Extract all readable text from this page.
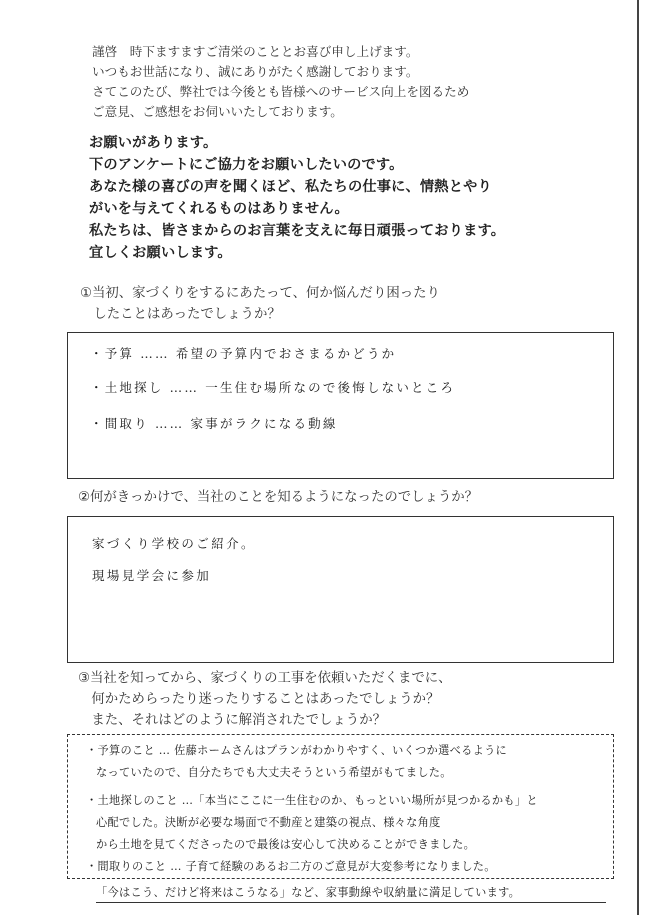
謹啓　時下ますますご清栄のこととお喜び申し上げます。
いつもお世話になり、誠にありがたく感謝しております。
さてこのたび、弊社では今後とも皆様へのサービス向上を図るため
ご意見、ご感想をお伺いいたしております。
お願いがあります。
下のアンケートにご協力をお願いしたいのです。
あなた様の喜びの声を聞くほど、私たちの仕事に、情熱とやり
がいを与えてくれるものはありません。
私たちは、皆さまからのお言葉を支えに毎日頑張っております。
宜しくお願いします。
①当初、家づくりをするにあたって、何か悩んだり困ったり
　したことはあったでしょうか？
・予算 …… 希望の予算内でおさまるかどうか
・土地探し …… 一生住む場所なので後悔しないところ
・間取り …… 家事がラクになる動線
②何がきっかけで、当社のことを知るようになったのでしょうか？
家づくり学校のご紹介。
現場見学会に参加
③当社を知ってから、家づくりの工事を依頼いただくまでに、
　何かためらったり迷ったりすることはあったでしょうか？
　また、それはどのように解消されたでしょうか？
・予算のこと … 佐藤ホームさんはプランがわかりやすく、いくつか選べるように
なっていたので、自分たちでも大丈夫そうという希望がもてました。
・土地探しのこと …「本当にここに一生住むのか、もっといい場所が見つかるかも」と
心配でした。決断が必要な場面で不動産と建築の視点、様々な角度
から土地を見てくださったので最後は安心して決めることができました。
・間取りのこと … 子育て経験のあるお二方のご意見が大変参考になりました。
「今はこう、だけど将来はこうなる」など、家事動線や収納量に満足しています。
